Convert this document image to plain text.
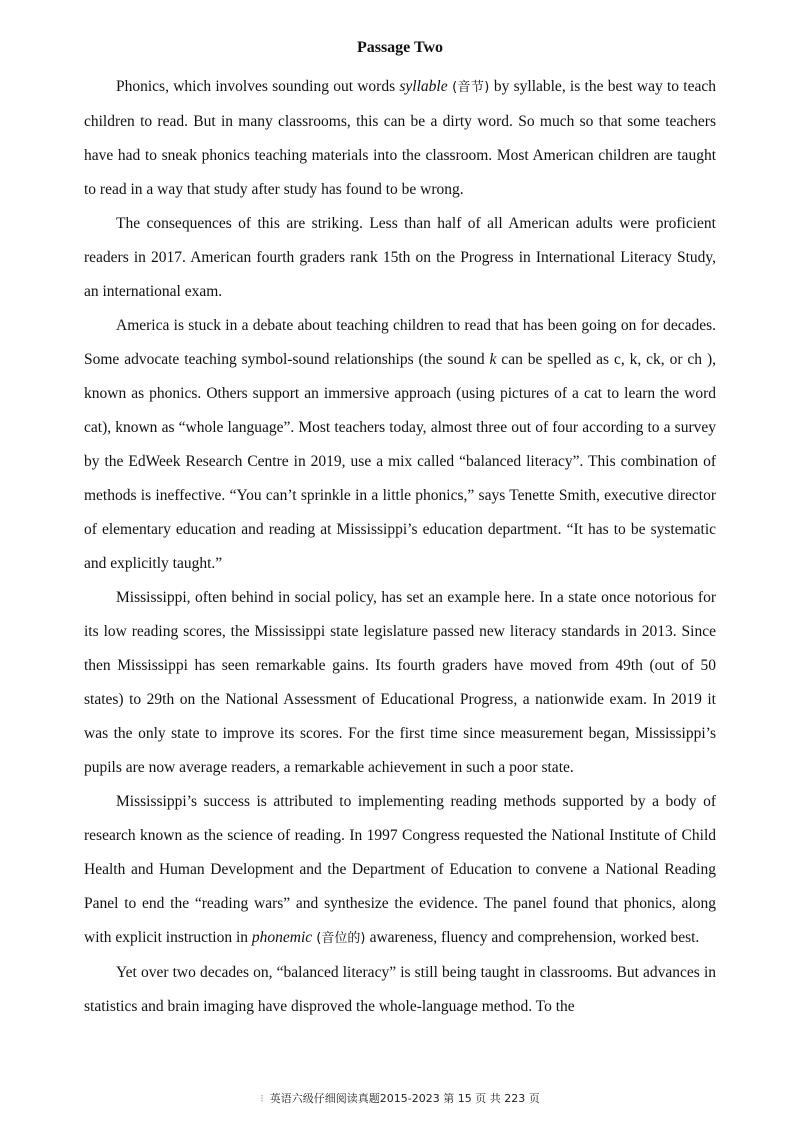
Passage Two

Phonics, which involves sounding out words syllable (音节) by syllable, is the best way to teach children to read. But in many classrooms, this can be a dirty word. So much so that some teachers have had to sneak phonics teaching materials into the classroom. Most American children are taught to read in a way that study after study has found to be wrong.

The consequences of this are striking. Less than half of all American adults were proficient readers in 2017. American fourth graders rank 15th on the Progress in International Literacy Study, an international exam.

America is stuck in a debate about teaching children to read that has been going on for decades. Some advocate teaching symbol-sound relationships (the sound k can be spelled as c, k, ck, or ch ), known as phonics. Others support an immersive approach (using pictures of a cat to learn the word cat), known as “whole language”. Most teachers today, almost three out of four according to a survey by the EdWeek Research Centre in 2019, use a mix called “balanced literacy”. This combination of methods is ineffective. “You can’t sprinkle in a little phonics,” says Tenette Smith, executive director of elementary education and reading at Mississippi’s education department. “It has to be systematic and explicitly taught.”

Mississippi, often behind in social policy, has set an example here. In a state once notorious for its low reading scores, the Mississippi state legislature passed new literacy standards in 2013. Since then Mississippi has seen remarkable gains. Its fourth graders have moved from 49th (out of 50 states) to 29th on the National Assessment of Educational Progress, a nationwide exam. In 2019 it was the only state to improve its scores. For the first time since measurement began, Mississippi’s pupils are now average readers, a remarkable achievement in such a poor state.

Mississippi’s success is attributed to implementing reading methods supported by a body of research known as the science of reading. In 1997 Congress requested the National Institute of Child Health and Human Development and the Department of Education to convene a National Reading Panel to end the “reading wars” and synthesize the evidence. The panel found that phonics, along with explicit instruction in phonemic (音位的) awareness, fluency and comprehension, worked best.

Yet over two decades on, “balanced literacy” is still being taught in classrooms. But advances in statistics and brain imaging have disproved the whole-language method. To the

⁝ 英语六级仔细阅读真题2015-2023 第 15 页 共 223 页
